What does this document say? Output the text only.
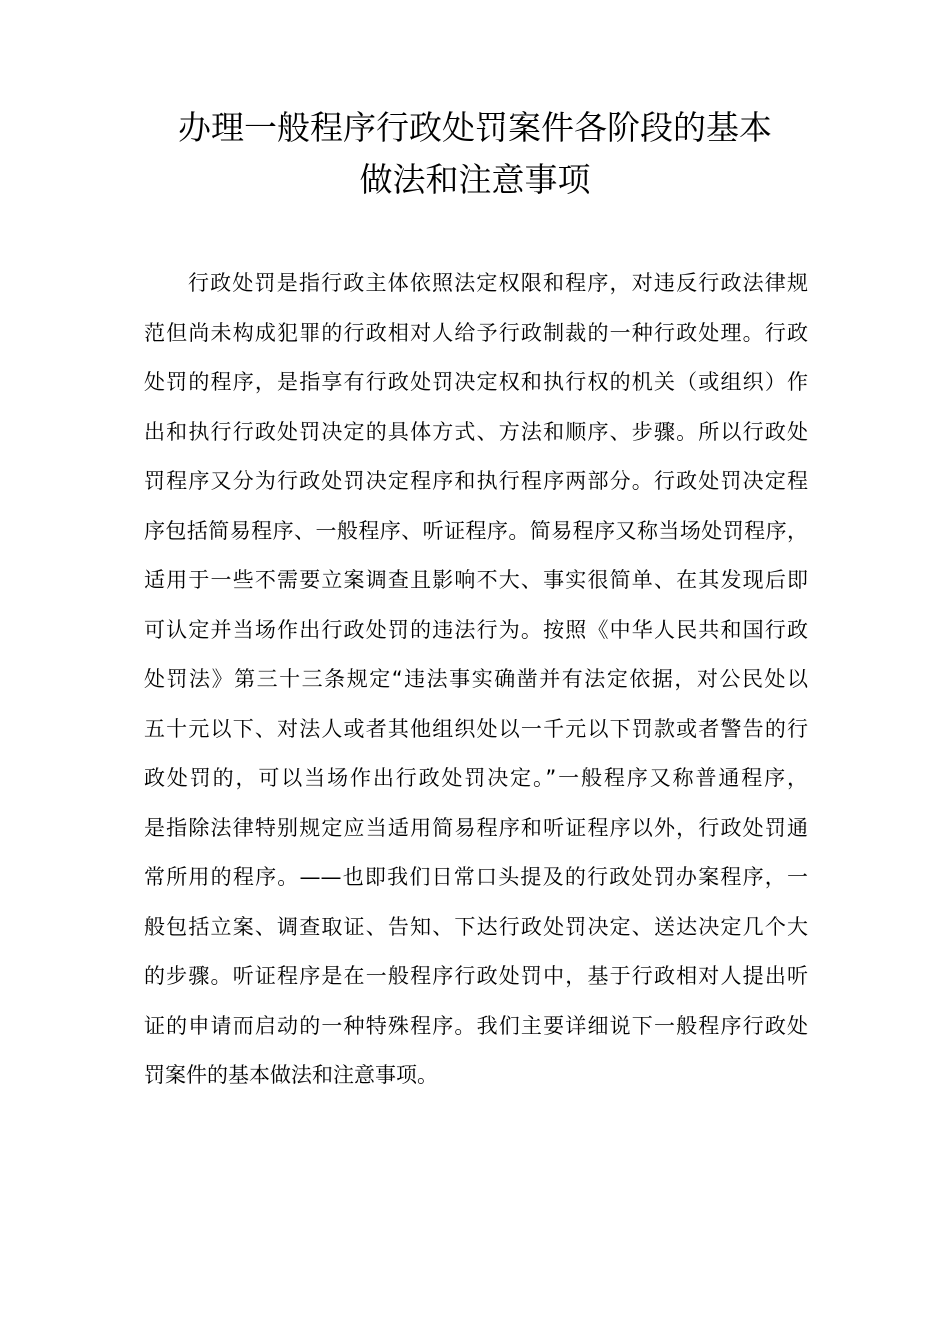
办理一般程序行政处罚案件各阶段的基本
做法和注意事项
行政处罚是指行政主体依照法定权限和程序，对违反行政法律规
范但尚未构成犯罪的行政相对人给予行政制裁的一种行政处理。行政
处罚的程序，是指享有行政处罚决定权和执行权的机关（或组织）作
出和执行行政处罚决定的具体方式、方法和顺序、步骤。所以行政处
罚程序又分为行政处罚决定程序和执行程序两部分。行政处罚决定程
序包括简易程序、一般程序、听证程序。简易程序又称当场处罚程序，
适用于一些不需要立案调查且影响不大、事实很简单、在其发现后即
可认定并当场作出行政处罚的违法行为。按照《中华人民共和国行政
处罚法》第三十三条规定“违法事实确凿并有法定依据，对公民处以
五十元以下、对法人或者其他组织处以一千元以下罚款或者警告的行
政处罚的，可以当场作出行政处罚决定。”一般程序又称普通程序，
是指除法律特别规定应当适用简易程序和听证程序以外，行政处罚通
常所用的程序。——也即我们日常口头提及的行政处罚办案程序，一
般包括立案、调查取证、告知、下达行政处罚决定、送达决定几个大
的步骤。听证程序是在一般程序行政处罚中，基于行政相对人提出听
证的申请而启动的一种特殊程序。我们主要详细说下一般程序行政处
罚案件的基本做法和注意事项。
